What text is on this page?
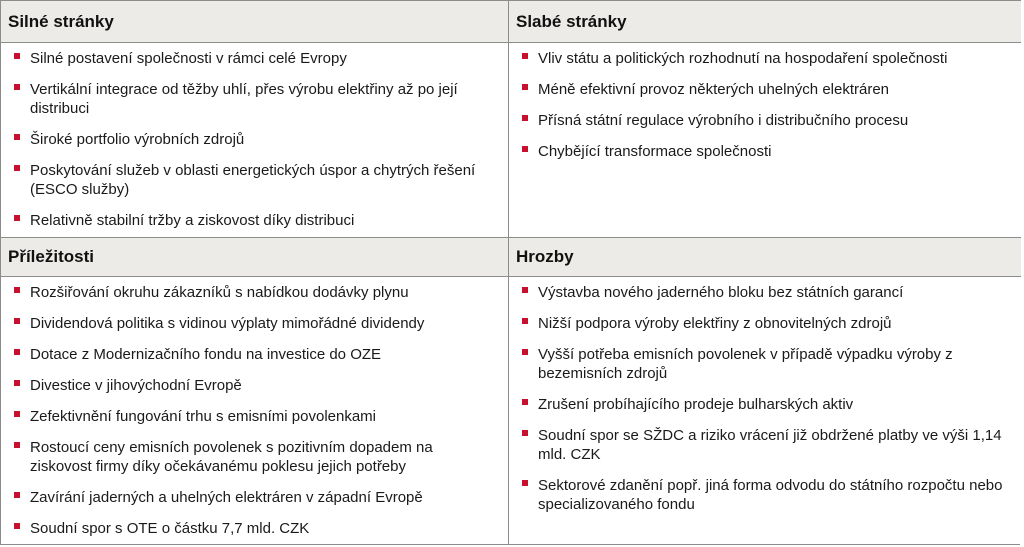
Silné stránky
Silné postavení společnosti v rámci celé Evropy
Vertikální integrace od těžby uhlí, přes výrobu elektřiny až po její distribuci
Široké portfolio výrobních zdrojů
Poskytování služeb v oblasti energetických úspor a chytrých řešení (ESCO služby)
Relativně stabilní tržby a ziskovost díky distribuci
Slabé stránky
Vliv státu a politických rozhodnutí na hospodaření společnosti
Méně efektivní provoz některých uhelných elektráren
Přísná státní regulace výrobního i distribučního procesu
Chybějící transformace společnosti
Příležitosti
Rozšiřování okruhu zákazníků s nabídkou dodávky plynu
Dividendová politika s vidinou výplaty mimořádné dividendy
Dotace z Modernizačního fondu na investice do OZE
Divestice v jihovýchodní Evropě
Zefektivnění fungování trhu s emisními povolenkami
Rostoucí ceny emisních povolenek s pozitivním dopadem na ziskovost firmy díky očekávanému poklesu jejich potřeby
Zavírání jaderných a uhelných elektráren v západní Evropě
Soudní spor s OTE o částku 7,7 mld. CZK
Hrozby
Výstavba nového jaderného bloku bez státních garancí
Nižší podpora výroby elektřiny z obnovitelných zdrojů
Vyšší potřeba emisních povolenek v případě výpadku výroby z bezemisních zdrojů
Zrušení probíhajícího prodeje bulharských aktiv
Soudní spor se SŽDC a riziko vrácení již obdržené platby ve výši 1,14 mld. CZK
Sektorové zdanění popř. jiná forma odvodu do státního rozpočtu nebo specializovaného fondu
